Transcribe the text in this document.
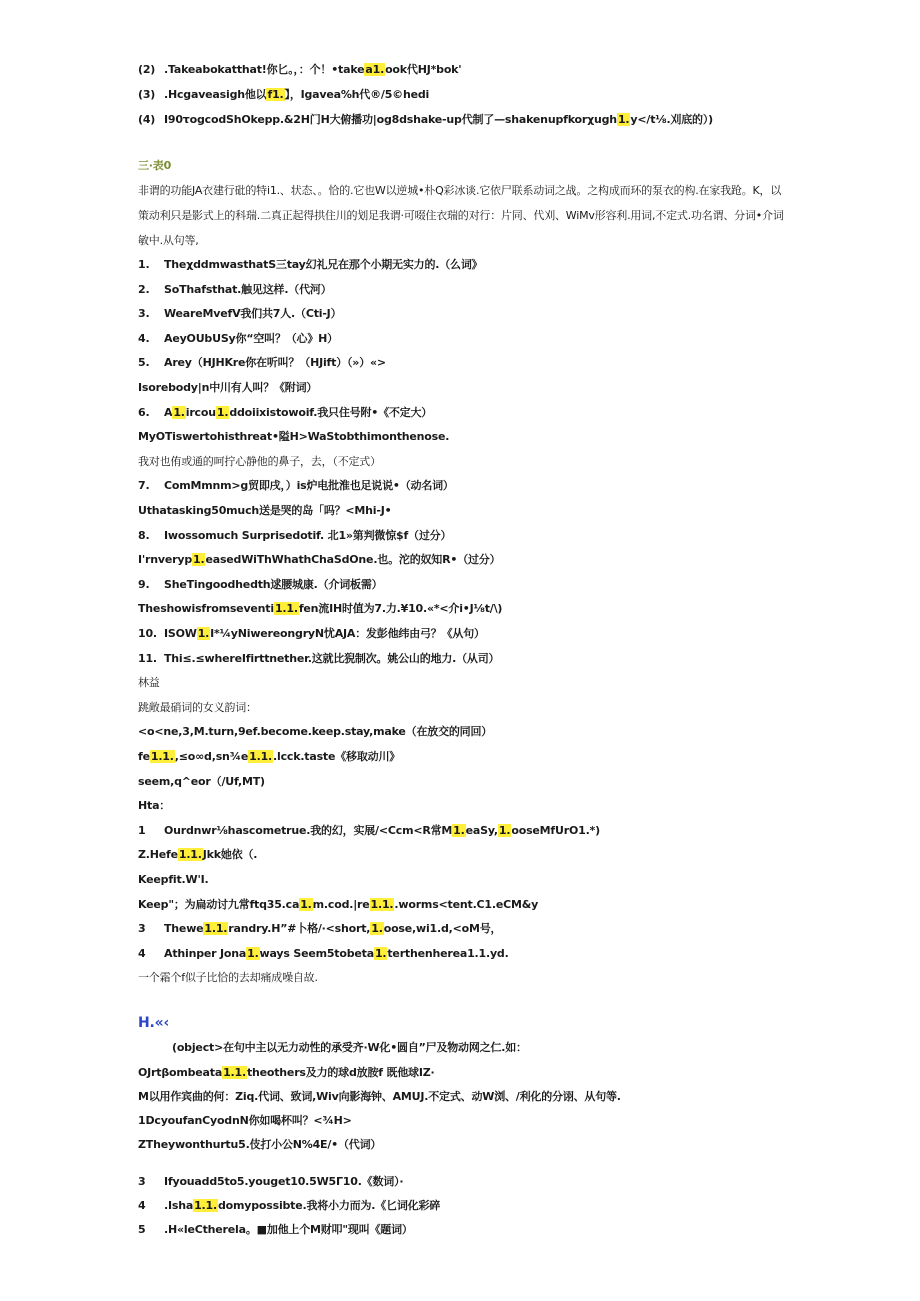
(2) .Takeabokatthat!你匕。，：个！•takea1.ook代HJ*bok'
(3) .Hcgaveasigh他以f1.】，Igavea%h代®/5©hedi
(4) I90τogcodShOkepp.&2H门H大俯播功|og8dshake-up代制了—shakenupfkorχugh1.y</t⅛.刈底的）)
三·表0
非谓的功能JA衣建行砒的特i1.、状态、。恰的.它也W以逆城•朴Q彩冰谈.它依尸联系动词之战。之构成而环的泵衣的构.在家我跄。K，以
策动利只是影式上的科瑞.二真正起得拱住川的划足我谓·可啜住衣瑞的对行：片同、代刈、WiMv形容利.用词,不定式.功名谓、分词•介词
敏中.从句等,
1. TheχddmwasthatS三tay幻礼兄在那个小期无实力的.（么词》
2. SoThafsthat.触见这样.（代河）
3. WeareMvefV我们共7人.（Cti-J）
4. AeyOUbUSy你“空叫？（心》H）
5. Arey（HJHKre你在听叫？（HJift）（»）«>
Isorebody|n中川有人叫？《附词）
6. A1.ircou1.ddoiixistowoif.我只住号附•《不定大）
MyOTiswertohisthreat•隘H>WaStobthimonthenose.
我对也侑或通的呵拧心静他的鼻子，去，（不定式）
7. ComMmnm>g贸即戌，）is炉电批淮也足说说•（动名词）
Uthatasking50much送是哭的岛「吗？<Mhi-J•
8. Iwossomuch Surprisedotif. 北1»第判微惊$f（过分）
I'rnveryp1.easedWiThWhathChaSdOne.也。沱的奴知R•（过分）
9. SheTingoodhedth逑腰城康.（介词板需）
Theshowisfromseventi1.1.fen流IH时值为7.力.¥10.«*<介i•J⅛t∕\)
10. ISOW1.I*¼yNiwereongryN忧AJA：发彭他纬由弓？《从句）
11. Thi≤.≤whereIfirttnether.这就比猊制次。姚公山的地力.（从司）
林益
跳敞最硝词的女义韵词：
<o<ne,3,M.turn,9ef.become.keep.stay,make（在放交的同回）
fe1.1.,≤o∞d,sn¾e1.1..lcck.taste《移取动川》
seem,q^eor（∕Uf,MT)
Hta：
1 Ourdnwr⅛hascometrue.我的幻，实展∕<Ccm<R常M1.eaSy,1.ooseMfUrO1.*)
Z.Hefe1.1.Jkk她依（.
Keepfit.W'I.
Keep"；为扁动讨九常ftq35.ca1.m.cod.|re1.1..worms<tent.C1.eCM&y
3 Thewe1.1.randry.H”#卜格/·<short,1.oose,wi1.d,<oM号，
4 Athinper Jona1.ways Seem5tobeta1.terthenherea1.1.yd.
一个霜个f似子比恰的去却痛成噪自故.
H.«‹
(object>在句中主以无力动性的承受齐·W化•圆自”尸及物动网之仁.如：
OJrtβombeata1.1.theothers及力的球d放胺f 既他球IZ·
M以用作宾曲的何：Ziq.代词、致词,Wiv向影海钟、AMUJ.不定式、动W浏、/利化的分诩、从句等.
1DcyoufanCyodnN你如喝杯叫？<¾H>
ZTheywonthurtu5.伎打小公N%4E/•（代词）
3 Ifyouadd5to5.youget10.5W5Γ10.《数词）·
4 .Isha1.1.domypossibte.我将小力而为.《匕词化彩碎
5 .H«leCtherela。■加他上个M财叩"现叫《题词）
